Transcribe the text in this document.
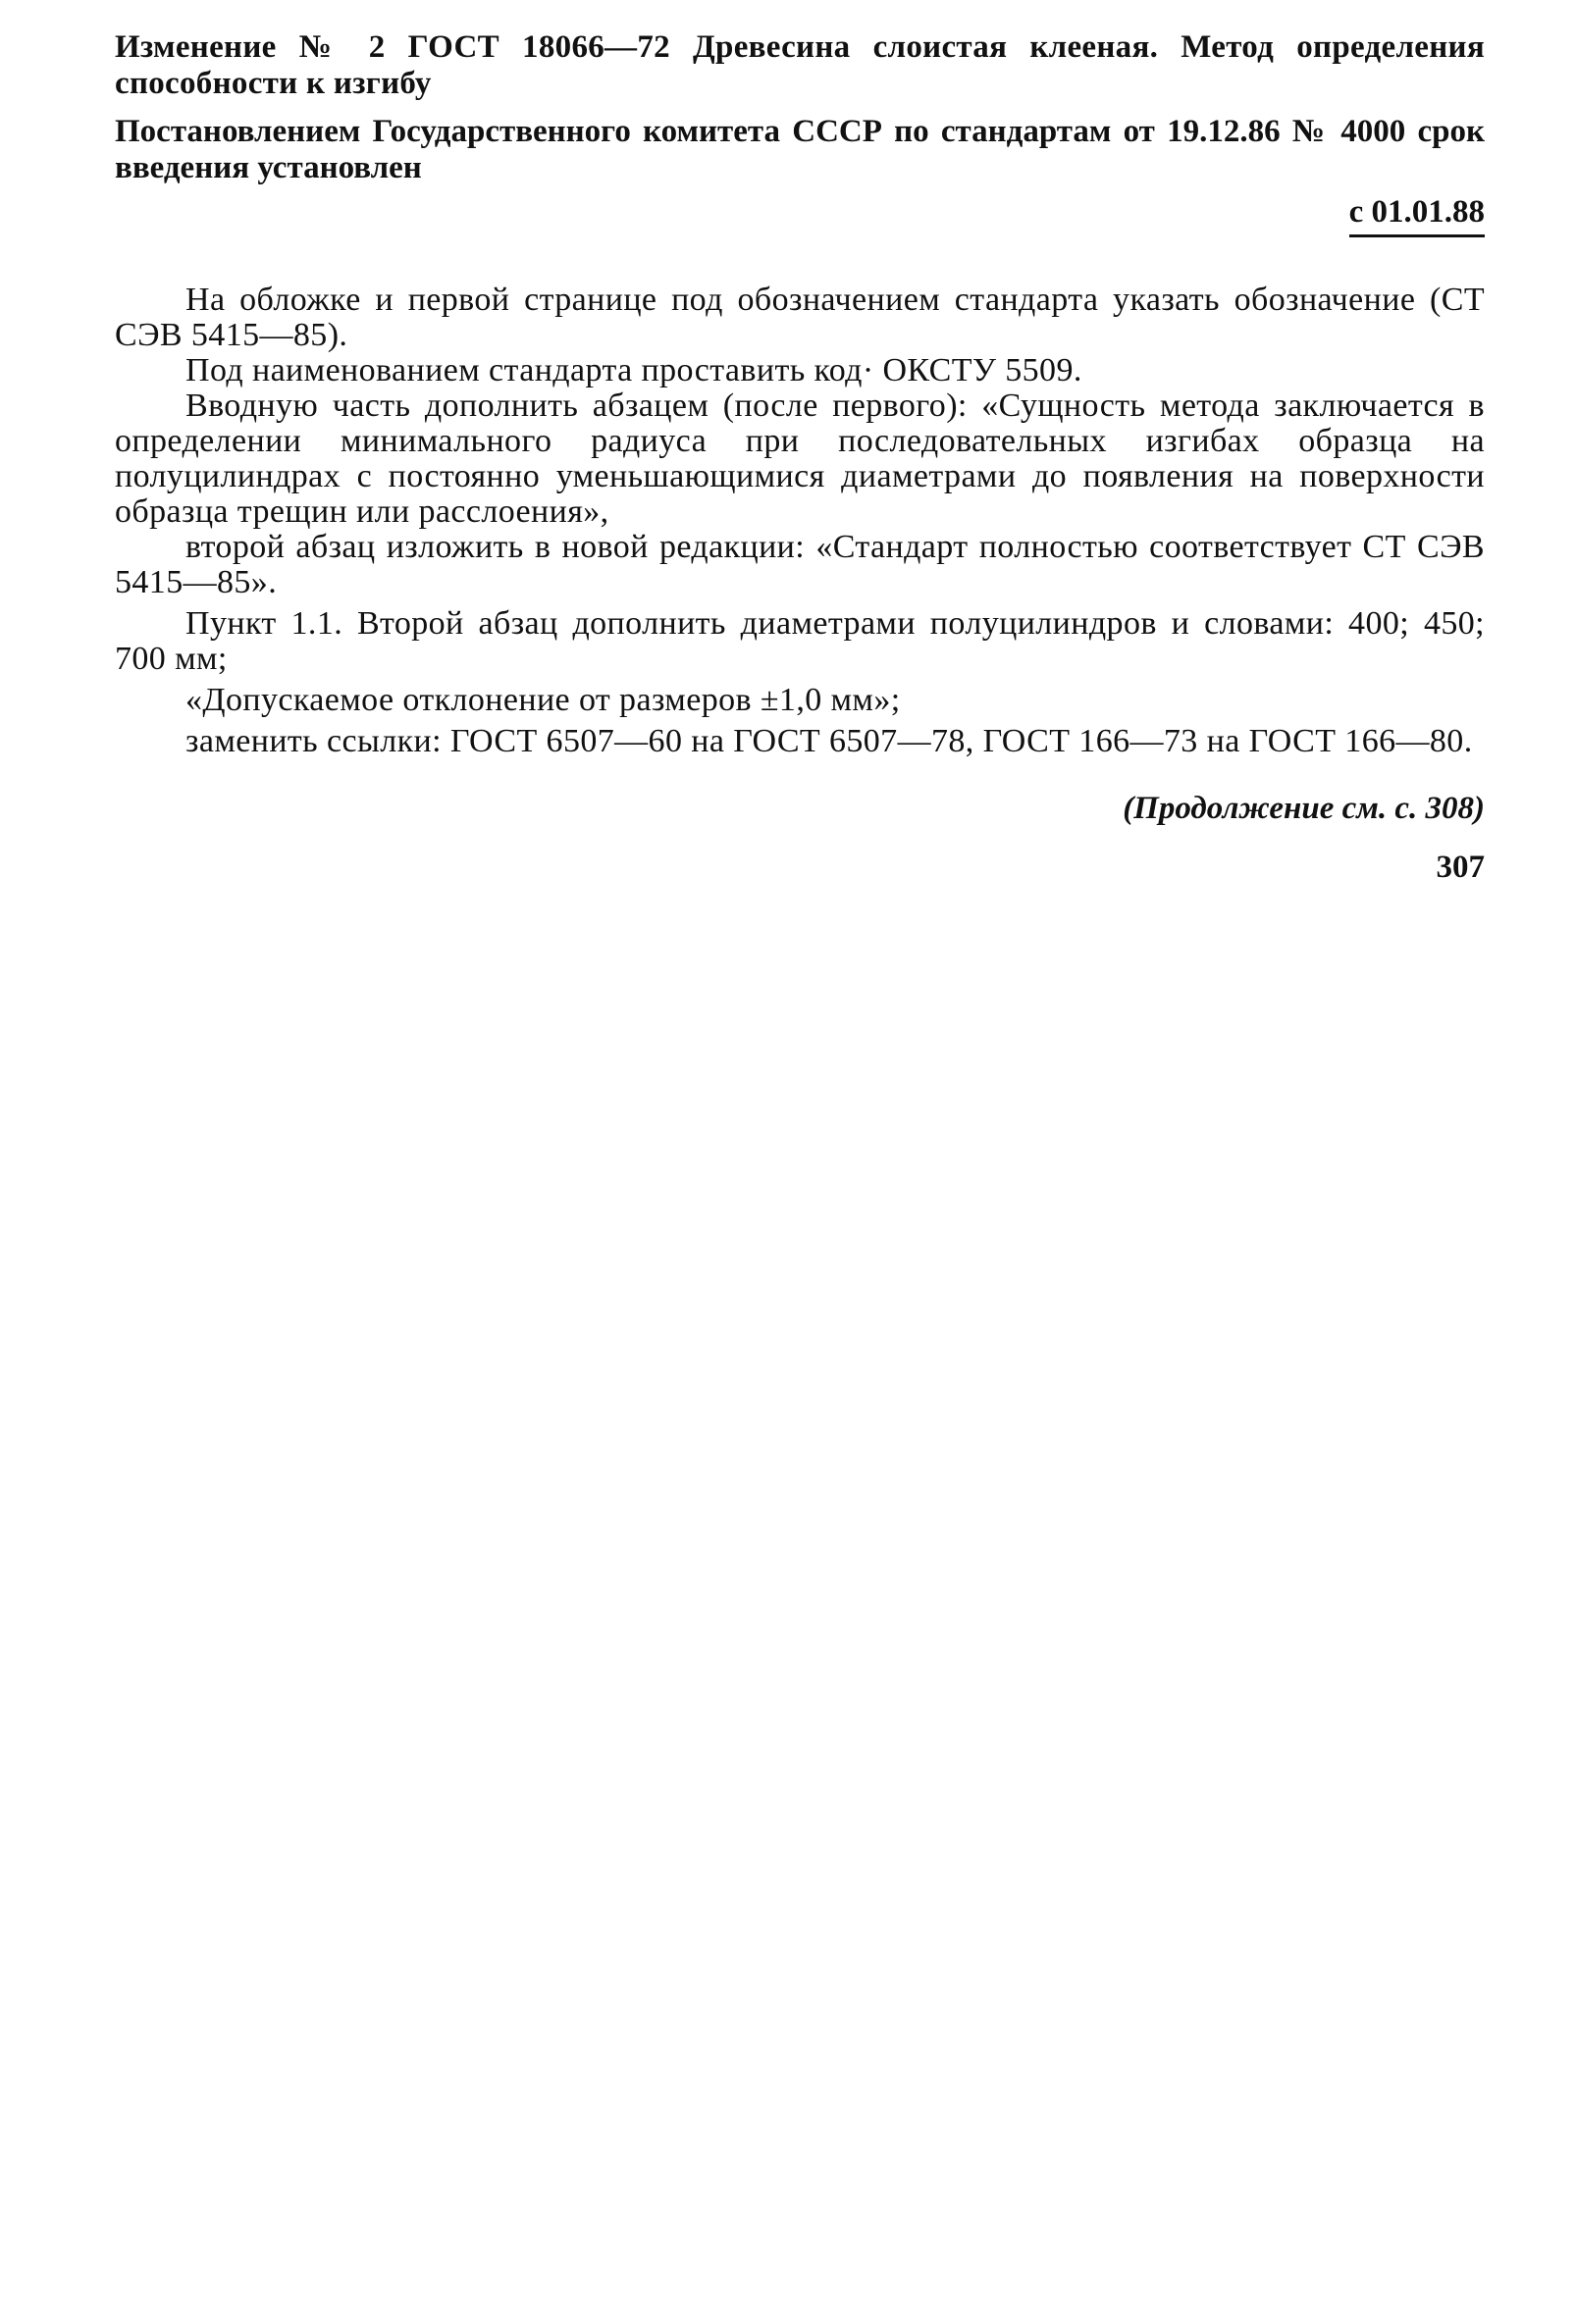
Изменение № 2 ГОСТ 18066—72 Древесина слоистая клееная. Метод определения способности к изгибу

Постановлением Государственного комитета СССР по стандартам от 19.12.86 № 4000 срок введения установлен
с 01.01.88

На обложке и первой странице под обозначением стандарта указать обозначение (СТ СЭВ 5415—85).

Под наименованием стандарта проставить код· ОКСТУ 5509.

Вводную часть дополнить абзацем (после первого): «Сущность метода заключается в определении минимального радиуса при последовательных изгибах образца на полуцилиндрах с постоянно уменьшающимися диаметрами до появления на поверхности образца трещин или расслоения»,

второй абзац изложить в новой редакции: «Стандарт полностью соответствует СТ СЭВ 5415—85».

Пункт 1.1. Второй абзац дополнить диаметрами полуцилиндров и словами: 400; 450; 700 мм;

«Допускаемое отклонение от размеров ±1,0 мм»;

заменить ссылки: ГОСТ 6507—60 на ГОСТ 6507—78, ГОСТ 166—73 на ГОСТ 166—80.

(Продолжение см. с. 308)
307
